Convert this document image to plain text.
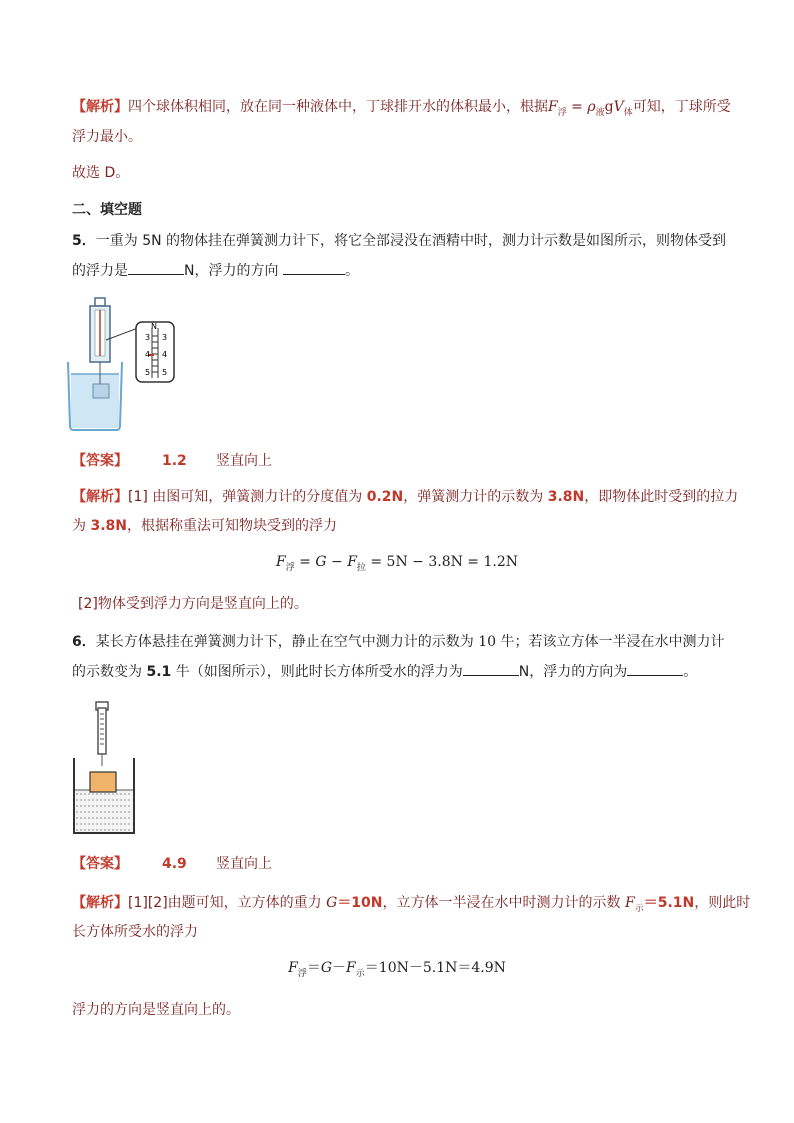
【解析】四个球体积相同，放在同一种液体中，丁球排开水的体积最小，根据$F_浮 = \rho_液gV_体$可知，丁球所受
浮力最小。
故选 D。
二、填空题
5．一重为 5N 的物体挂在弹簧测力计下，将它全部浸没在酒精中时，测力计示数是如图所示，则物体受到
的浮力是	N，浮力的方向	。
N
3 3
4 4
5 5
【答案】 1.2 竖直向上
【解析】[1] 由图可知，弹簧测力计的分度值为 0.2N，弹簧测力计的示数为 3.8N，即物体此时受到的拉力
为 3.8N，根据称重法可知物块受到的浮力
$F_浮 = G - F_拉 = 5N - 3.8N = 1.2N$
[2]物体受到浮力方向是竖直向上的。
6．某长方体悬挂在弹簧测力计下，静止在空气中测力计的示数为 10 牛；若该立方体一半浸在水中测力计
的示数变为 5.1 牛（如图所示），则此时长方体所受水的浮力为	N，浮力的方向为	。
【答案】 4.9 竖直向上
【解析】[1][2]由题可知，立方体的重力 G＝10N，立方体一半浸在水中时测力计的示数 $F_示=5.1N$，则此时
长方体所受水的浮力
$F_浮=G-F_示=10N-5.1N=4.9N$
浮力的方向是竖直向上的。
